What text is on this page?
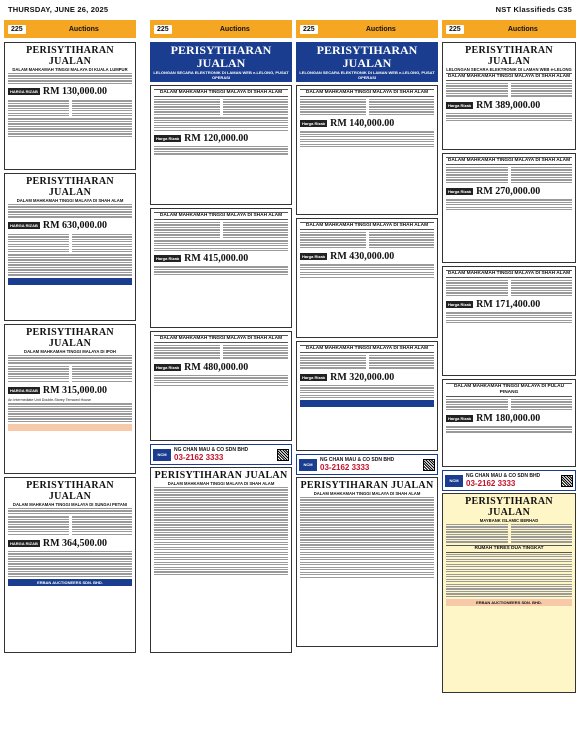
THURSDAY, JUNE 26, 2025	NST Klassifieds C35
225	Auctions	225	Auctions	225	Auctions	225	Auctions
PERISYTIHARAN JUALAN
DALAM MAHKAMAH TINGGI MALAYA DI KUALA LUMPUR
HARGA RIZAB RM 130,000.00
PERISYTIHARAN JUALAN
DALAM MAHKAMAH TINGGI MALAYA DI SHAH ALAM
HARGA RIZAB RM 630,000.00

PERISYTIHARAN JUALAN
DALAM MAHKAMAH TINGGI MALAYA DI IPOH
HARGA RIZAB RM 315,000.00
An Intermediate Unit Double-Storey Terraced House

PERISYTIHARAN JUALAN
DALAM MAHKAMAH TINGGI MALAYA DI SUNGAI PETANI
HARGA RIZAB RM 364,500.00
ERBAN AUCTIONEERS SDN. BHD.
PERISYTIHARAN JUALAN
LELONGAN SECARA ELEKTRONIK DI LAMAN WEB e-LELONG, PUSAT OPERASI
DALAM MAHKAMAH TINGGI MALAYA DI SHAH ALAM
Harga Rizab RM 120,000.00
DALAM MAHKAMAH TINGGI MALAYA DI SHAH ALAM
Harga Rizab RM 415,000.00
DALAM MAHKAMAH TINGGI MALAYA DI SHAH ALAM
Harga Rizab RM 480,000.00
NCM
NG CHAN MAU & CO SDN BHD
03-2162 3333
PERISYTIHARAN JUALAN
DALAM MAHKAMAH TINGGI MALAYA DI SHAH ALAM
PERISYTIHARAN JUALAN
LELONGAN SECARA ELEKTRONIK DI LAMAN WEB e-LELONG, PUSAT OPERASI
DALAM MAHKAMAH TINGGI MALAYA DI SHAH ALAM
Harga Rizab RM 140,000.00
DALAM MAHKAMAH TINGGI MALAYA DI SHAH ALAM
Harga Rizab RM 430,000.00
DALAM MAHKAMAH TINGGI MALAYA DI SHAH ALAM
Harga Rizab RM 320,000.00

NCM
NG CHAN MAU & CO SDN BHD
03-2162 3333
PERISYTIHARAN JUALAN
DALAM MAHKAMAH TINGGI MALAYA DI SHAH ALAM
PERISYTIHARAN JUALAN
LELONGAN SECARA ELEKTRONIK DI LAMAN WEB e-LELONG
DALAM MAHKAMAH TINGGI MALAYA DI SHAH ALAM
Harga Rizab RM 389,000.00
DALAM MAHKAMAH TINGGI MALAYA DI SHAH ALAM
Harga Rizab RM 270,000.00
DALAM MAHKAMAH TINGGI MALAYA DI SHAH ALAM
Harga Rizab RM 171,400.00
DALAM MAHKAMAH TINGGI MALAYA DI PULAU PINANG
Harga Rizab RM 180,000.00
NCM
NG CHAN MAU & CO SDN BHD
03-2162 3333
PERISYTIHARAN JUALAN
MAYBANK ISLAMIC BERHAD
RUMAH TERES DUA TINGKAT
ERBAN AUCTIONEERS SDN. BHD.
